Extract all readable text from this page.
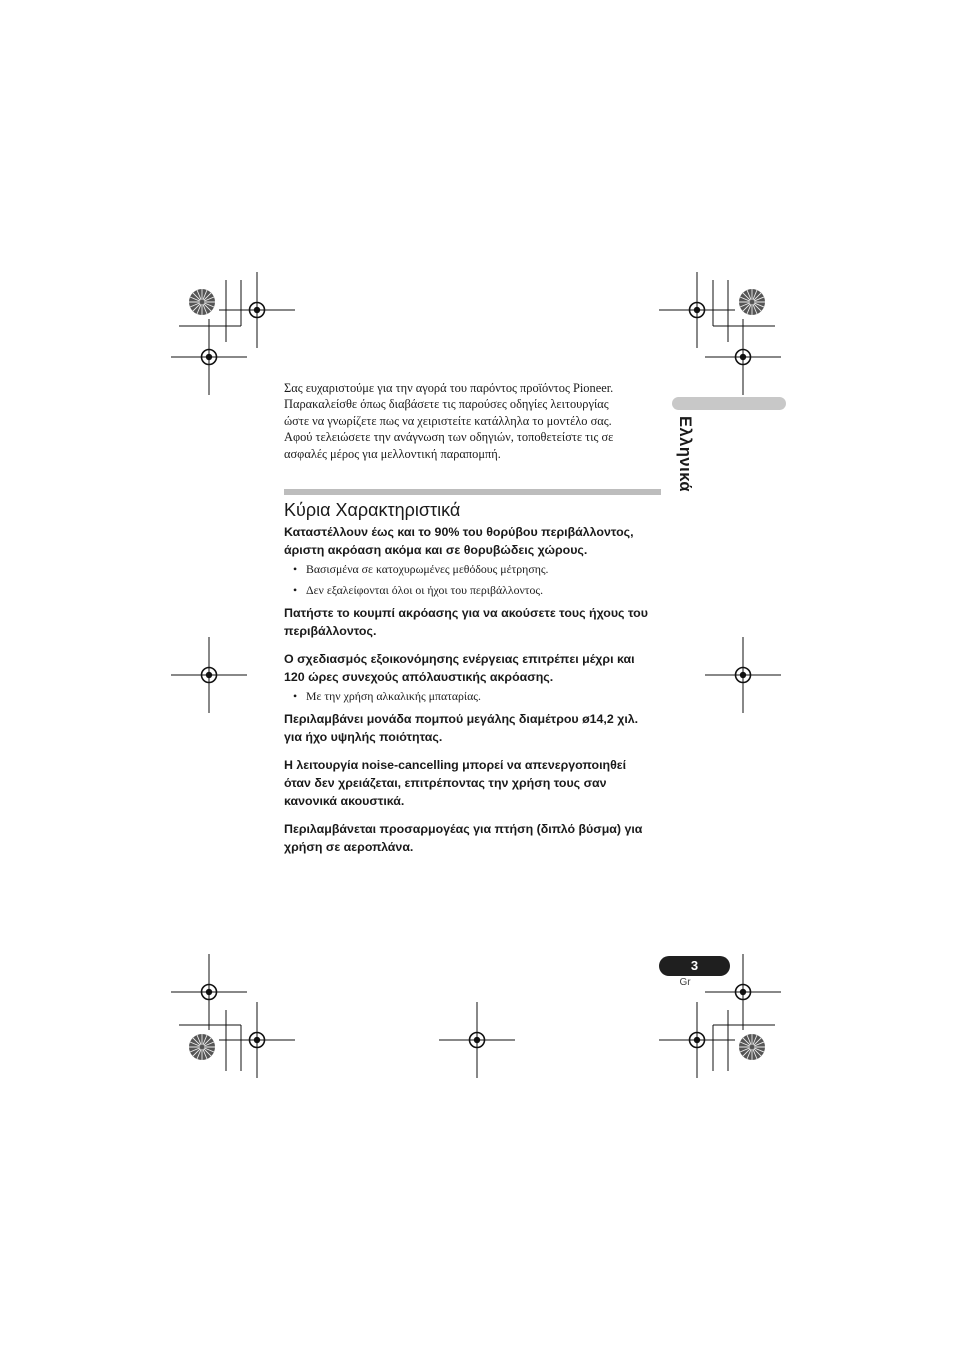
Σας ευχαριστούμε για την αγορά του παρόντος προϊόντος Pioneer.
Παρακαλείσθε όπως διαβάσετε τις παρούσες οδηγίες λειτουργίας
ώστε να γνωρίζετε πως να χειριστείτε κατάλληλα το μοντέλο σας.
Αφού τελειώσετε την ανάγνωση των οδηγιών, τοποθετείστε τις σε
ασφαλές μέρος για μελλοντική παραπομπή.
Κύρια Χαρακτηριστικά

Καταστέλλουν έως και το 90% του θορύβου περιβάλλοντος,
άριστη ακρόαση ακόμα και σε θορυβώδεις χώρους.

• Βασισμένα σε κατοχυρωμένες μεθόδους μέτρησης.
• Δεν εξαλείφονται όλοι οι ήχοι του περιβάλλοντος.

Πατήστε το κουμπί ακρόασης για να ακούσετε τους ήχους του
περιβάλλοντος.

Ο σχεδιασμός εξοικονόμησης ενέργειας επιτρέπει μέχρι και
120 ώρες συνεχούς απόλαυστικής ακρόασης.

• Με την χρήση αλκαλικής μπαταρίας.

Περιλαμβάνει μονάδα πομπού μεγάλης διαμέτρου ø14,2 χιλ.
για ήχο υψηλής ποιότητας.

Η λειτουργία noise-cancelling μπορεί να απενεργοποιηθεί
όταν δεν χρειάζεται, επιτρέποντας την χρήση τους σαν
κανονικά ακουστικά.

Περιλαμβάνεται προσαρμογέας για πτήση (διπλό βύσμα) για
χρήση σε αεροπλάνα.

Ελληνικά
3
Gr
